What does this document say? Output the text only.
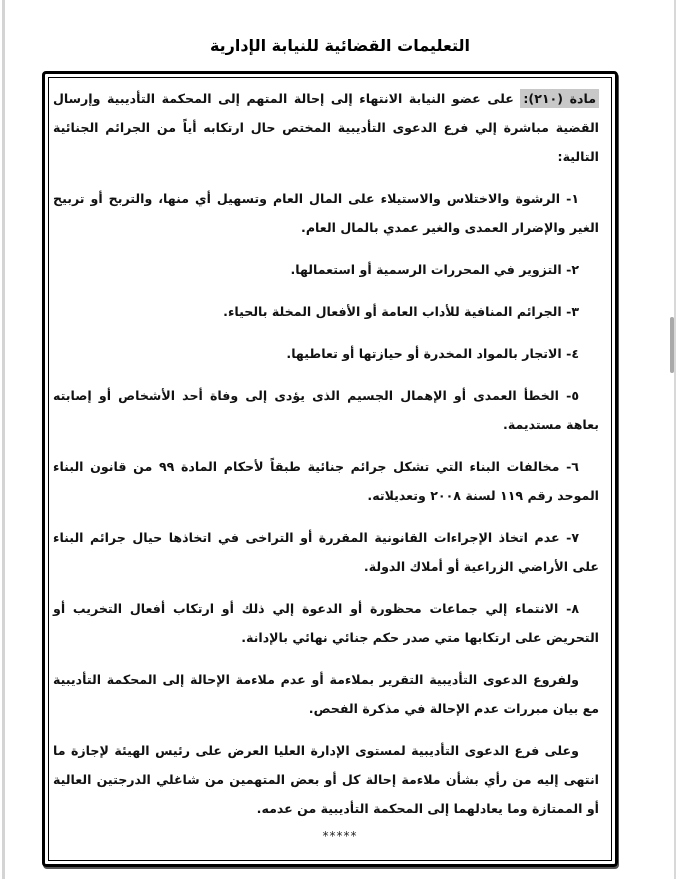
التعليمات القضائية للنيابة الإدارية

مادة (٢١٠): على عضو النيابة الانتهاء إلى إحالة المتهم إلى المحكمة التأديبية وإرسال القضية مباشرة إلي فرع الدعوى التأديبية المختص حال ارتكابه أياً من الجرائم الجنائية التالية:

١- الرشوة والاختلاس والاستيلاء على المال العام وتسهيل أي منها، والتربح أو تربيح الغير والإضرار العمدى والغير عمدي بالمال العام.

٢- التزوير في المحررات الرسمية أو استعمالها.

٣- الجرائم المنافية للأداب العامة أو الأفعال المخلة بالحياء.

٤- الاتجار بالمواد المخدرة أو حيازتها أو تعاطيها.

٥- الخطأ العمدى أو الإهمال الجسيم الذى يؤدى إلى وفاة أحد الأشخاص أو إصابته بعاهة مستديمة.

٦- مخالفات البناء التي تشكل جرائم جنائية طبقاً لأحكام المادة ٩٩ من قانون البناء الموحد رقم ١١٩ لسنة ٢٠٠٨ وتعديلاته.

٧- عدم اتخاذ الإجراءات القانونية المقررة أو التراخى في اتخاذها حيال جرائم البناء على الأراضي الزراعية أو أملاك الدولة.

٨- الانتماء إلي جماعات محظورة أو الدعوة إلي ذلك أو ارتكاب أفعال التخريب أو التحريض على ارتكابها متي صدر حكم جنائي نهائي بالإدانة.

ولفروع الدعوى التأديبية التقرير بملاءمة أو عدم ملاءمة الإحالة إلى المحكمة التأديبية مع بيان مبررات عدم الإحالة في مذكرة الفحص.

وعلى فرع الدعوى التأديبية لمستوى الإدارة العليا العرض على رئيس الهيئة لإجازة ما انتهى إليه من رأي بشأن ملاءمة إحالة كل أو بعض المتهمين من شاغلي الدرجتين العالية أو الممتازة وما يعادلهما إلى المحكمة التأديبية من عدمه.

*****
